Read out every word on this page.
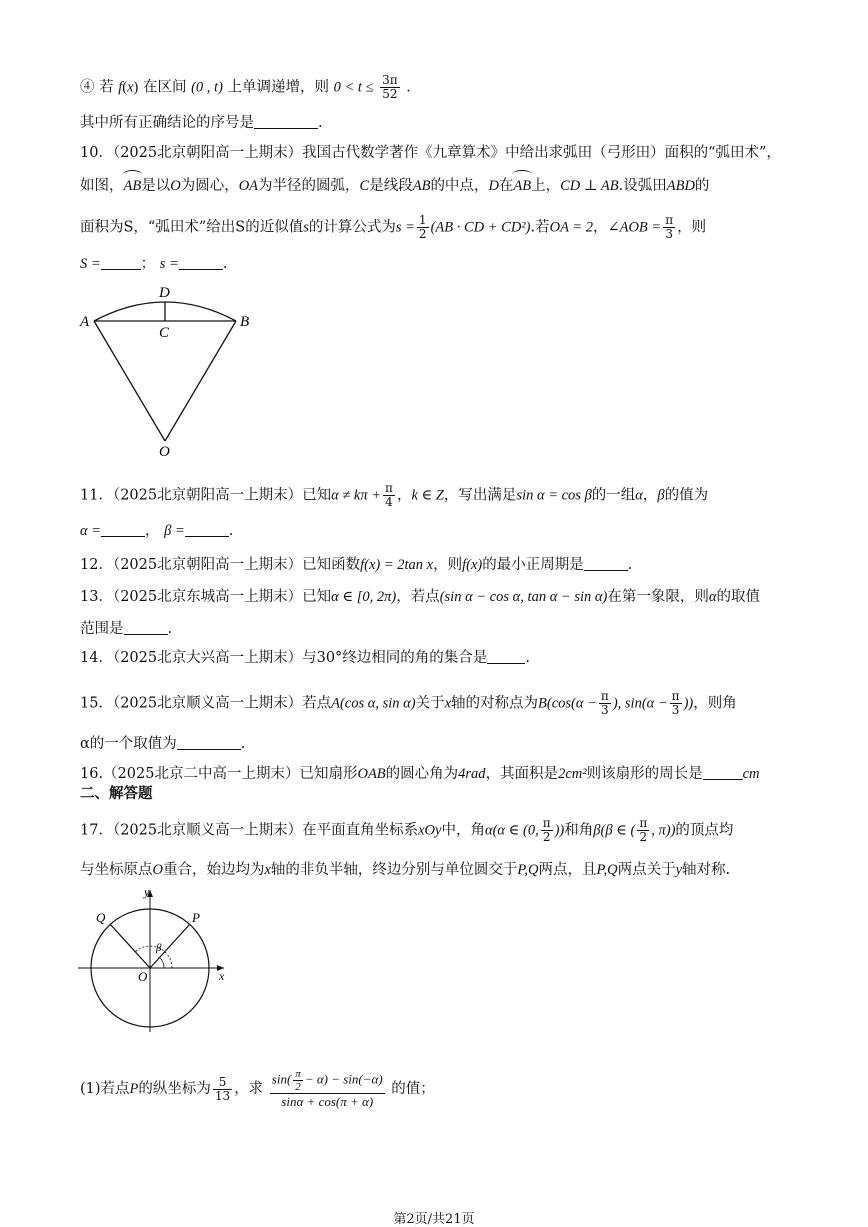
④ 若 f(x) 在区间 (0 , t) 上单调递增，则 $0 < t \le \frac{3\pi}{52}$ ．
其中所有正确结论的序号是	.
10．（2025北京朝阳高一上期末）我国古代数学著作《九章算术》中给出求弧田（弓形田）面积的“弧田术”，
如图，AB是以O为圆心，OA为半径的圆弧，C是线段AB的中点，D在AB上，CD ⊥ AB.设弧田ABD的
面积为S，“弧田术”给出S的近似值s的计算公式为$s = \frac{1}{2} (AB$ · CD + CD²).若OA = 2，∠AOB = $\frac{\pi}{3}$ ，则
S =	； s =	.
A	B
C
D
O
11．（2025北京朝阳高一上期末）已知$\alpha \ne k\pi + \frac{\pi}{4}$ ，k ∈ Z，写出满足sin α = cos β的一组α，β的值为
α =	， β =	.
12．（2025北京朝阳高一上期末）已知函数f(x) = 2tan x，则f(x)的最小正周期是	.
13．（2025北京东城高一上期末）已知α ∈ [0, 2π)，若点(sin α − cos α, tan α − sin α)在第一象限，则α的取值
范围是	.
14．（2025北京大兴高一上期末）与30°终边相同的角的集合是	.
15．（2025北京顺义高一上期末）若点A(cos α, sin α)关于x轴的对称点为$B(\cos(\alpha - \frac{\pi}{3}$ ), $\sin(\alpha - \frac{\pi}{3}$ ))，则角
α的一个取值为	.
16.（2025北京二中高一上期末）已知扇形OAB的圆心角为4rad，其面积是2cm²则该扇形的周长是	cm
二、解答题
17．（2025北京顺义高一上期末）在平面直角坐标系xOy中，角α(α ∈ (0, $\frac{\pi}{2}$ ))和角β(β ∈ ( $\frac{\pi}{2}$ , π))的顶点均
与坐标原点O重合，始边均为x轴的非负半轴，终边分别与单位圆交于P,Q两点，且P,Q两点关于y轴对称.
y
x
O
P
Q
β
(1)若点P的纵坐标为 $\frac{5}{13}$ ，求 $\frac{\sin( \frac{\pi}{2} - \alpha) - \sin(-\alpha)}{\sin\alpha + \cos(\pi + \alpha)}$ 的值；
第2页/共21页
